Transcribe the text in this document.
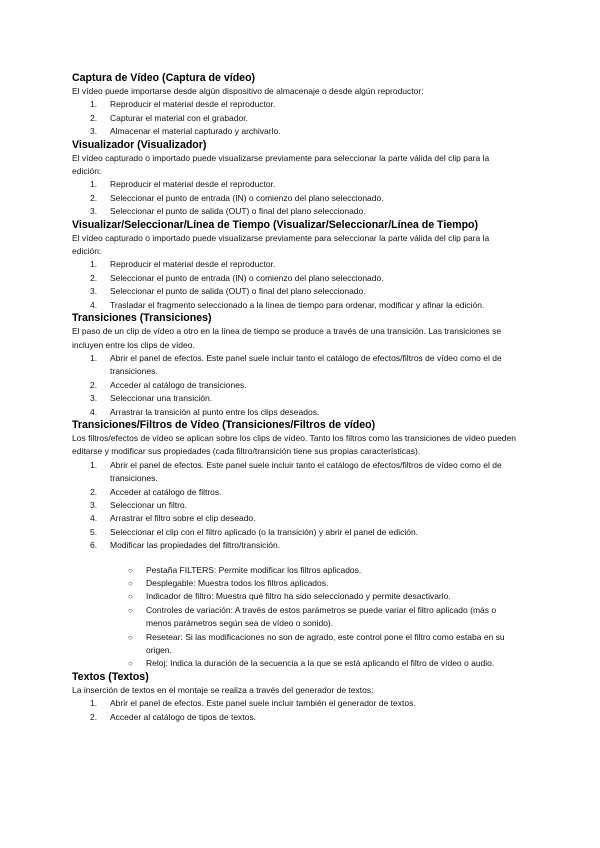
Captura de Vídeo (Captura de vídeo)

El vídeo puede importarse desde algún dispositivo de almacenaje o desde algún reproductor:

1. Reproducir el material desde el reproductor.
2. Capturar el material con el grabador.
3. Almacenar el material capturado y archivarlo.
Visualizador (Visualizador)

El vídeo capturado o importado puede visualizarse previamente para seleccionar la parte válida del clip para la edición:

1. Reproducir el material desde el reproductor.
2. Seleccionar el punto de entrada (IN) o comienzo del plano seleccionado.
3. Seleccionar el punto de salida (OUT) o final del plano seleccionado.
Visualizar/Seleccionar/Línea de Tiempo (Visualizar/Seleccionar/Línea de Tiempo)

El vídeo capturado o importado puede visualizarse previamente para seleccionar la parte válida del clip para la edición:

1. Reproducir el material desde el reproductor.
2. Seleccionar el punto de entrada (IN) o comienzo del plano seleccionado.
3. Seleccionar el punto de salida (OUT) o final del plano seleccionado.
4. Trasladar el fragmento seleccionado a la línea de tiempo para ordenar, modificar y afinar la edición.
Transiciones (Transiciones)

El paso de un clip de vídeo a otro en la línea de tiempo se produce a través de una transición. Las transiciones se incluyen entre los clips de vídeo.

1. Abrir el panel de efectos. Este panel suele incluir tanto el catálogo de efectos/filtros de vídeo como el de transiciones.
2. Acceder al catálogo de transiciones.
3. Seleccionar una transición.
4. Arrastrar la transición al punto entre los clips deseados.
Transiciones/Filtros de Vídeo (Transiciones/Filtros de vídeo)

Los filtros/efectos de vídeo se aplican sobre los clips de vídeo. Tanto los filtros como las transiciones de vídeo pueden editarse y modificar sus propiedades (cada filtro/transición tiene sus propias características).

1. Abrir el panel de efectos. Este panel suele incluir tanto el catálogo de efectos/filtros de vídeo como el de transiciones.
2. Acceder al catálogo de filtros.
3. Seleccionar un filtro.
4. Arrastrar el filtro sobre el clip deseado.
5. Seleccionar el clip con el filtro aplicado (o la transición) y abrir el panel de edición.
6. Modificar las propiedades del filtro/transición.
○ Pestaña FILTERS: Permite modificar los filtros aplicados.
○ Desplegable: Muestra todos los filtros aplicados.
○ Indicador de filtro: Muestra qué filtro ha sido seleccionado y permite desactivarlo.
○ Controles de variación: A través de estos parámetros se puede variar el filtro aplicado (más o menos parámetros según sea de vídeo o sonido).
○ Resetear: Si las modificaciones no son de agrado, este control pone el filtro como estaba en su origen.
○ Reloj: Indica la duración de la secuencia a la que se está aplicando el filtro de vídeo o audio.
Textos (Textos)

La inserción de textos en el montaje se realiza a través del generador de textos:

1. Abrir el panel de efectos. Este panel suele incluir también el generador de textos.
2. Acceder al catálogo de tipos de textos.
